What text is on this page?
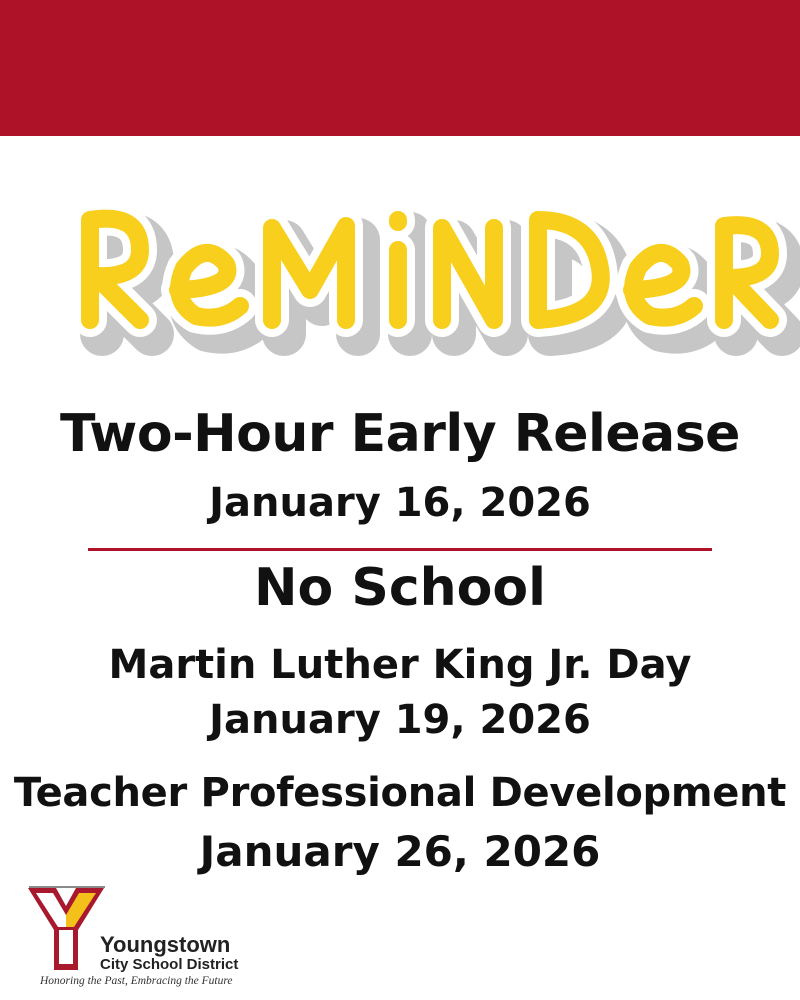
Two-Hour Early Release
January 16, 2026
No School
Martin Luther King Jr. Day
January 19, 2026
Teacher Professional Development
January 26, 2026
Youngstown
City School District
Honoring the Past, Embracing the Future
